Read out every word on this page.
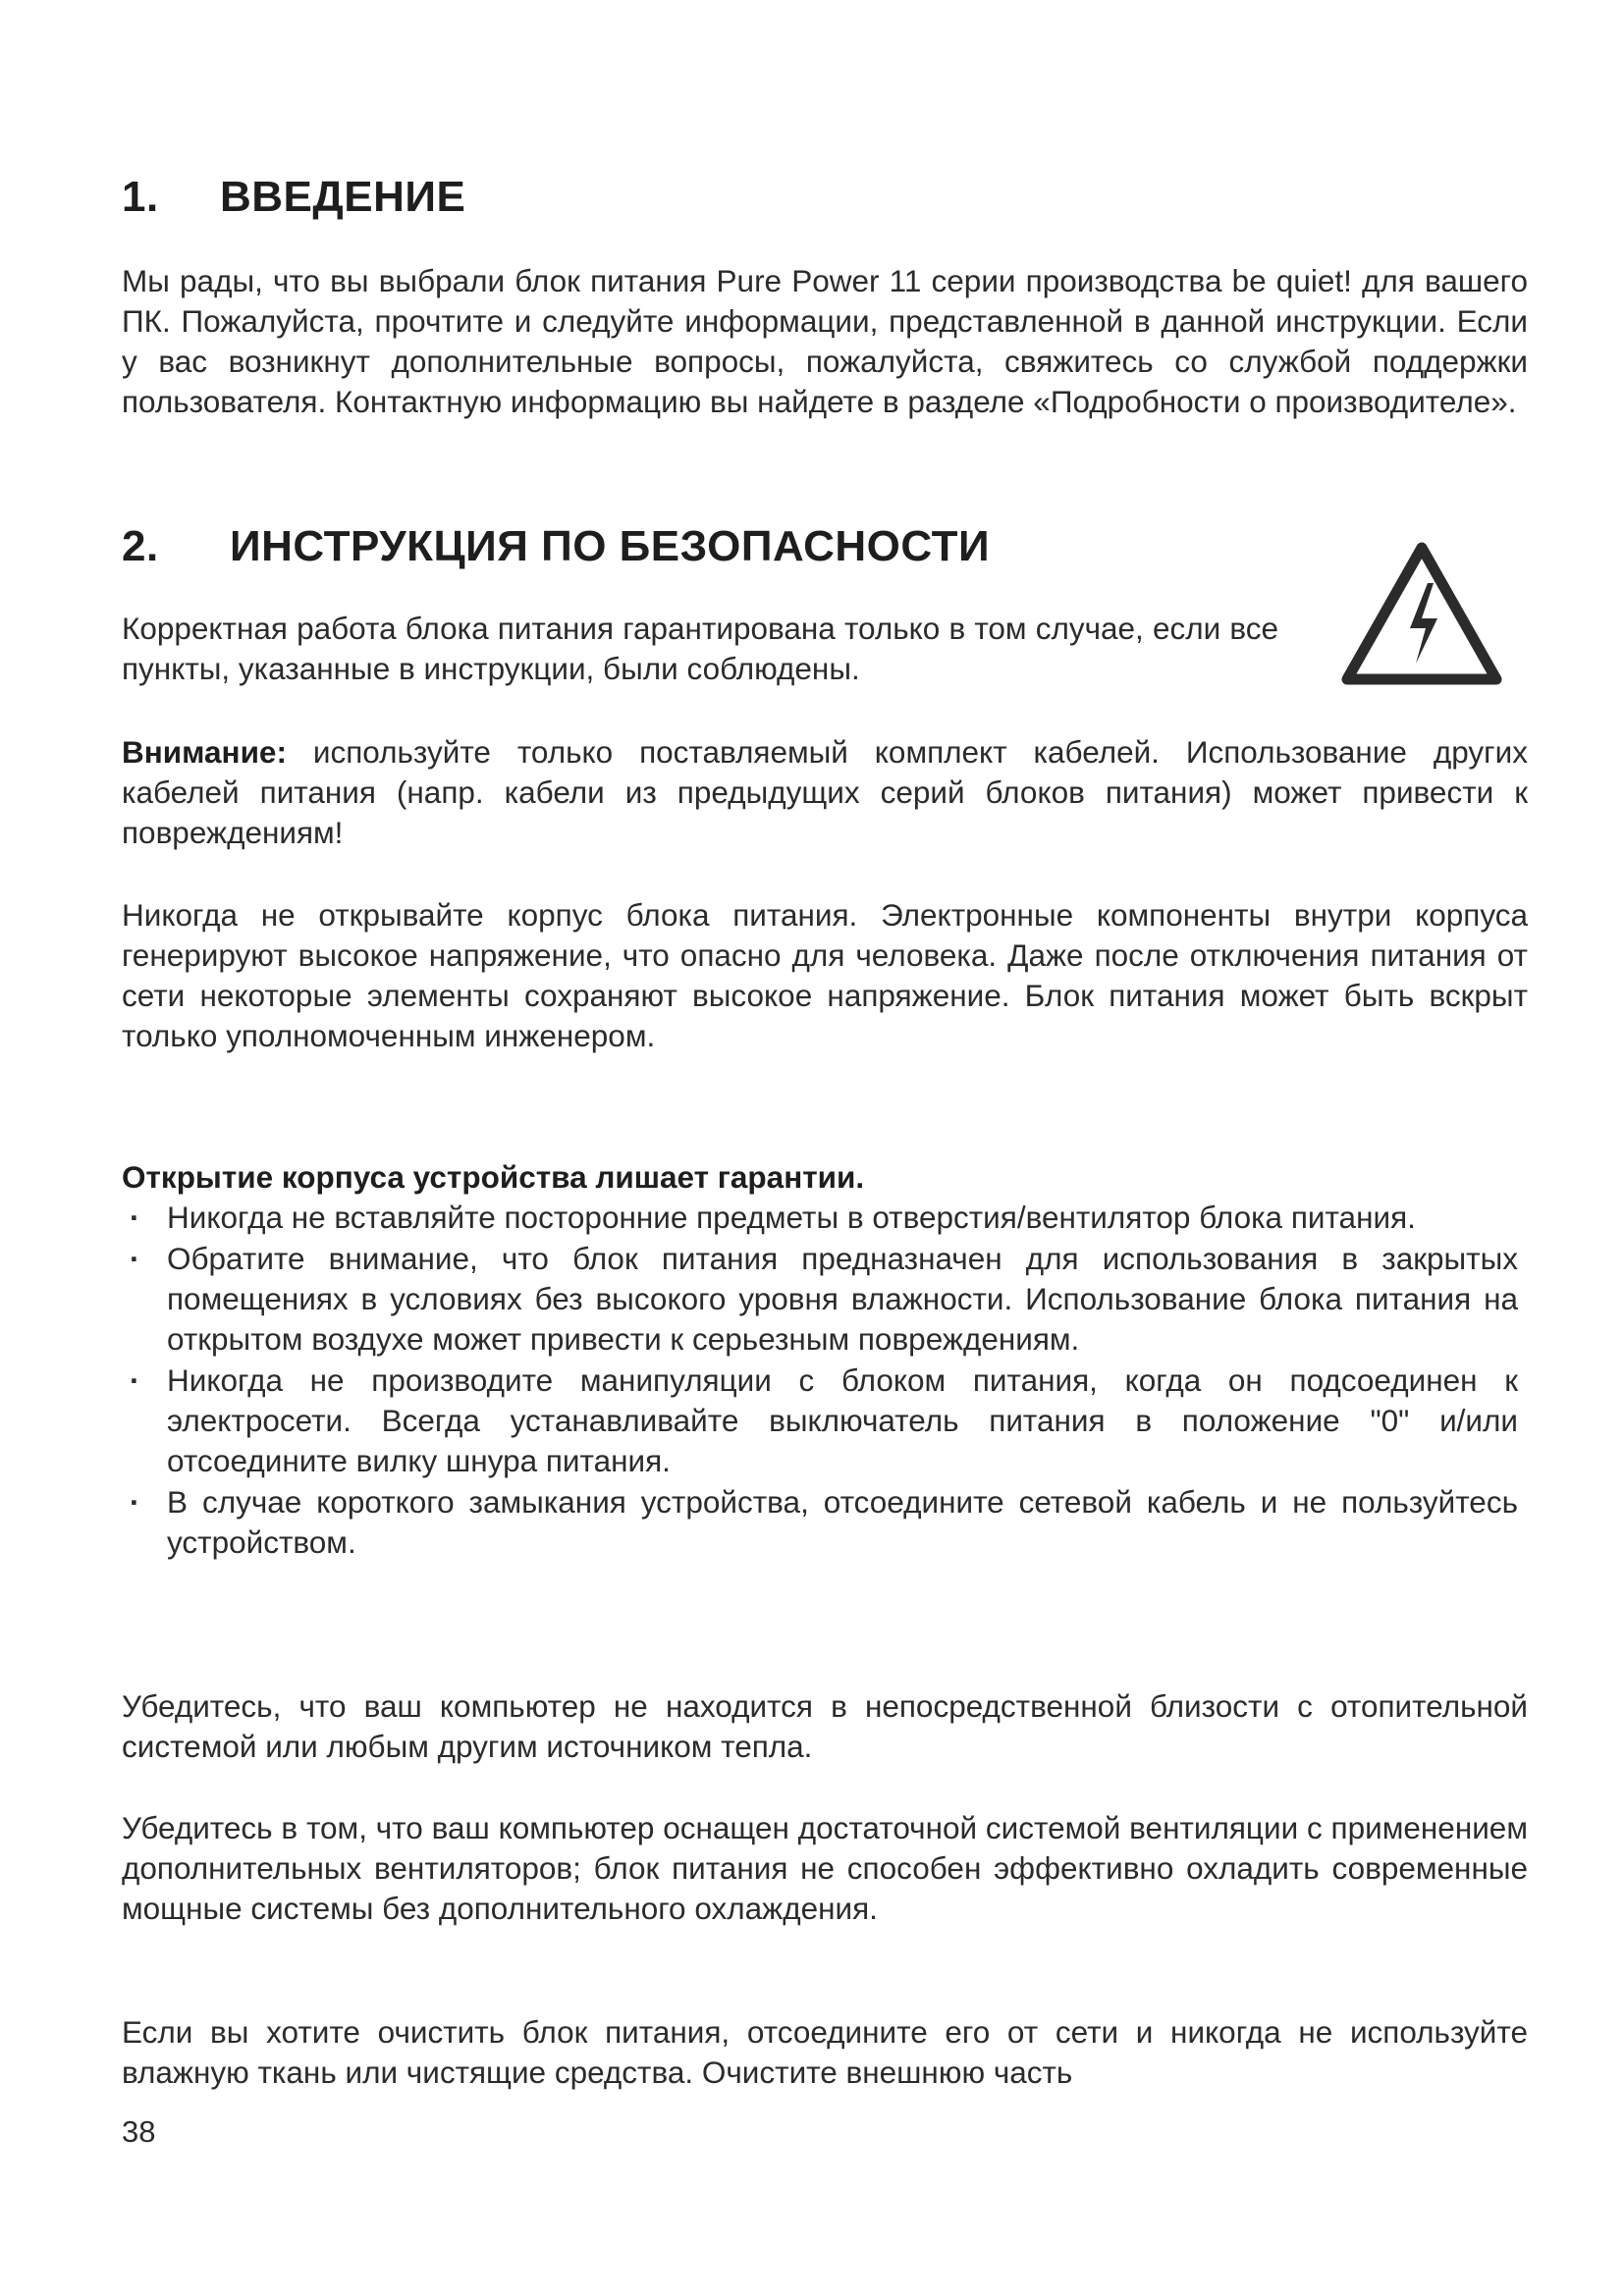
1. ВВЕДЕНИЕ
Мы рады, что вы выбрали блок питания Pure Power 11 серии производства be quiet! для вашего ПК. Пожалуйста, прочтите и следуйте информации, представленной в данной инструкции. Если у вас возникнут дополнительные вопросы, пожалуйста, свяжитесь со службой поддержки пользователя. Контактную информацию вы найдете в разделе «Подробности о производителе».
2. ИНСТРУКЦИЯ ПО БЕЗОПАСНОСТИ
Корректная работа блока питания гарантирована только в том случае, если все пункты, указанные в инструкции, были соблюдены.
Внимание: используйте только поставляемый комплект кабелей. Использование других кабелей питания (напр. кабели из предыдущих серий блоков питания) может привести к повреждениям!
Никогда не открывайте корпус блока питания. Электронные компоненты внутри корпуса генерируют высокое напряжение, что опасно для человека. Даже после отключения питания от сети некоторые элементы сохраняют высокое напряжение. Блок питания может быть вскрыт только уполномоченным инженером.
Открытие корпуса устройства лишает гарантии.
· Никогда не вставляйте посторонние предметы в отверстия/вентилятор блока питания.
· Обратите внимание, что блок питания предназначен для использования в закрытых помещениях в условиях без высокого уровня влажности. Использование блока питания на открытом воздухе может привести к серьезным повреждениям.
· Никогда не производите манипуляции с блоком питания, когда он подсоединен к электросети. Всегда устанавливайте выключатель питания в положение "0" и/или отсоедините вилку шнура питания.
· В случае короткого замыкания устройства, отсоедините сетевой кабель и не пользуйтесь устройством.
Убедитесь, что ваш компьютер не находится в непосредственной близости с отопительной системой или любым другим источником тепла.
Убедитесь в том, что ваш компьютер оснащен достаточной системой вентиляции с применением дополнительных вентиляторов; блок питания не способен эффективно охладить современные мощные системы без дополнительного охлаждения.
Если вы хотите очистить блок питания, отсоедините его от сети и никогда не используйте влажную ткань или чистящие средства. Очистите внешнюю часть
38
